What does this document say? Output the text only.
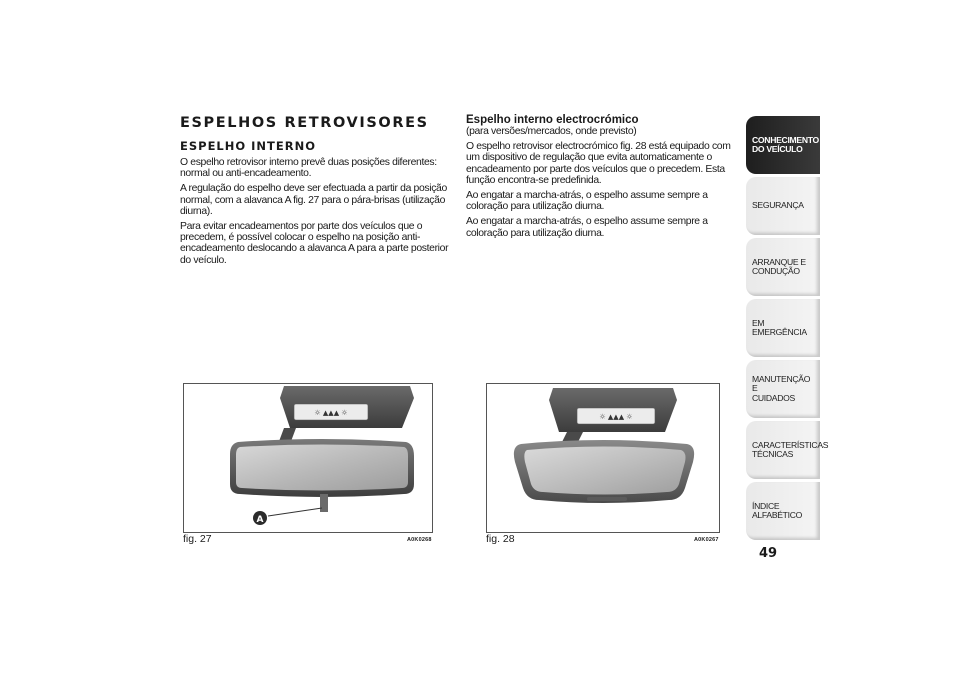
ESPELHOS RETROVISORES
ESPELHO INTERNO

O espelho retrovisor interno prevê duas posições diferentes: normal ou anti-encadeamento.

A regulação do espelho deve ser efectuada a partir da posição normal, com a alavanca A fig. 27 para o pára-brisas (utilização diurna).

Para evitar encadeamentos por parte dos veículos que o precedem, é possível colocar o espelho na posição anti-encadeamento deslocando a alavanca A para a parte posterior do veículo.

Espelho interno electrocrómico

(para versões/mercados, onde previsto)

O espelho retrovisor electrocrómico fig. 28 está equipado com um dispositivo de regulação que evita automaticamente o encadeamento por parte dos veículos que o precedem. Esta função encontra-se predefinida.

Ao engatar a marcha-atrás, o espelho assume sempre a coloração para utilização diurna.

Ao engatar a marcha-atrás, o espelho assume sempre a coloração para utilização diurna.

☼ ▲▲▲ ☼
A
fig. 27	A0K0268
☼ ▲▲▲ ☼
fig. 28	A0K0267
CONHECIMENTO
DO VEÍCULO
SEGURANÇA
ARRANQUE E
CONDUÇÃO
EM EMERGÊNCIA
MANUTENÇÃO E
CUIDADOS
CARACTERÍSTICAS
TÉCNICAS
ÍNDICE ALFABÉTICO
49
